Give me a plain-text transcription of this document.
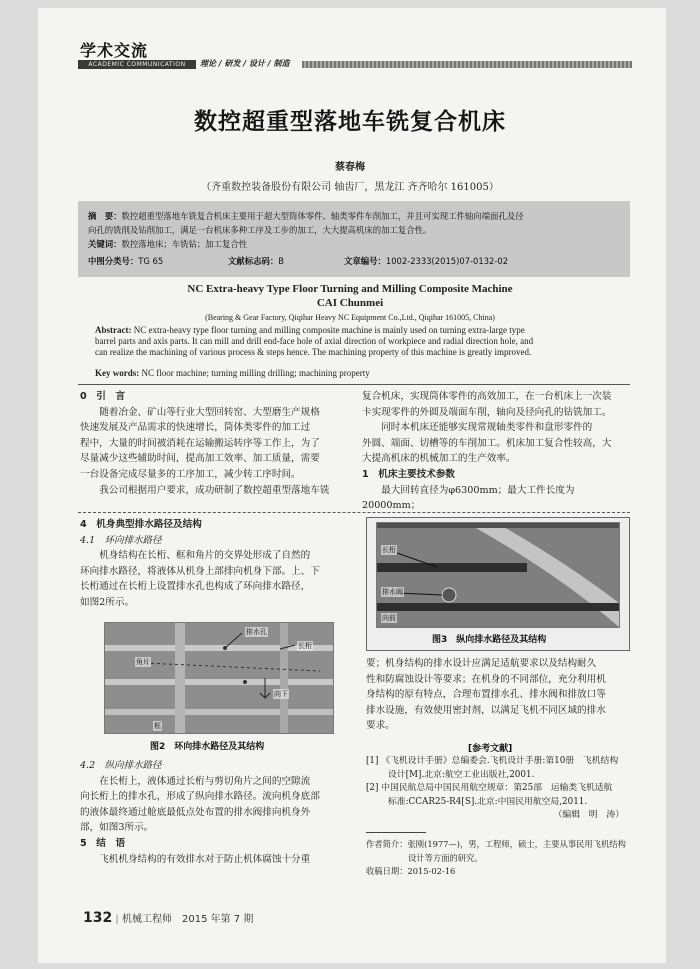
学术交流
ACADEMIC COMMUNICATION	理论 / 研发 / 设计 / 制造
数控超重型落地车铣复合机床
蔡春梅
（齐重数控装备股份有限公司 轴齿厂，黑龙江 齐齐哈尔 161005）
摘　要：数控超重型落地车铣复合机床主要用于超大型筒体零件、轴类零件车削加工，并且可实现工件轴向端面孔及径
向孔的铣削及钻削加工，满足一台机床多种工序及工步的加工，大大提高机床的加工复合性。
关键词：数控落地床；车铣钻；加工复合性
中图分类号：TG 65	文献标志码：B	文章编号：1002-2333(2015)07-0132-02
NC Extra-heavy Type Floor Turning and Milling Composite Machine
CAI Chunmei
(Bearing & Gear Factory, Qiqihar Heavy NC Equipment Co.,Ltd., Qiqihar 161005, China)
Abstract: NC extra-heavy type floor turning and milling composite machine is mainly used on turning extra-large type
barrel parts and axis parts. It can mill and drill end-face hole of axial direction of workpiece and radial direction hole, and
can realize the machining of various process & steps hence. The machining property of this machine is greatly improved.
Key words: NC floor machine; turning milling drilling; machining property
0　引　言
随着冶金、矿山等行业大型回转窑、大型磨生产规格
快速发展及产品需求的快速增长，筒体类零件的加工过
程中，大量的时间被消耗在运输搬运转序等工作上，为了
尽量减少这些辅助时间，提高加工效率、加工质量，需要
一台设备完成尽量多的工序加工，减少转工序时间。
我公司根据用户要求，成功研制了数控超重型落地车铣
复合机床，实现筒体零件的高效加工，在一台机床上一次装
卡实现零件的外圆及端面车削，轴向及径向孔的钻铣加工。
同时本机床还能够实现常规轴类零件和盘形零件的
外圆、端面、切槽等的车削加工。机床加工复合性较高，大
大提高机床的机械加工的生产效率。
1　机床主要技术参数
最大回转直径为φ6300mm；最大工件长度为20000mm；
4　机身典型排水路径及结构
4.1　环向排水路径
机身结构在长桁、框和角片的交界处形成了自然的
环向排水路径，将液体从机身上部排向机身下部。上、下
长桁通过在长桁上设置排水孔也构成了环向排水路径，
如图2所示。
排水孔
长桁
角片
向下
框
图2　环向排水路径及其结构
4.2　纵向排水路径
在长桁上，液体通过长桁与剪切角片之间的空隙流
向长桁上的排水孔，形成了纵向排水路径。流向机身底部
的液体最终通过舱底最低点处布置的排水阀排向机身外
部，如图3所示。
5　结　语
飞机机身结构的有效排水对于防止机体腐蚀十分重
长桁
排水阀
向前
图3　纵向排水路径及其结构
要；机身结构的排水设计应满足适航要求以及结构耐久
性和防腐蚀设计等要求；在机身的不同部位，充分利用机
身结构的原有特点，合理布置排水孔、排水阀和排放口等
排水设施，有效使用密封剂，以满足飞机不同区域的排水
要求。
[参考文献]
[1] 《飞机设计手册》总编委会.飞机设计手册:第10册　飞机结构
设计[M].北京:航空工业出版社,2001.
[2] 中国民航总局中国民用航空规章：第25部　运输类飞机适航
标准:CCAR25-R4[S].北京:中国民用航空局,2011.
（编辑　明　涛）
作者简介：张刚(1977—)，男，工程师，硕士，主要从事民用飞机结构
设计等方面的研究。
收稿日期：2015-02-16
132 | 机械工程师　2015 年第 7 期
